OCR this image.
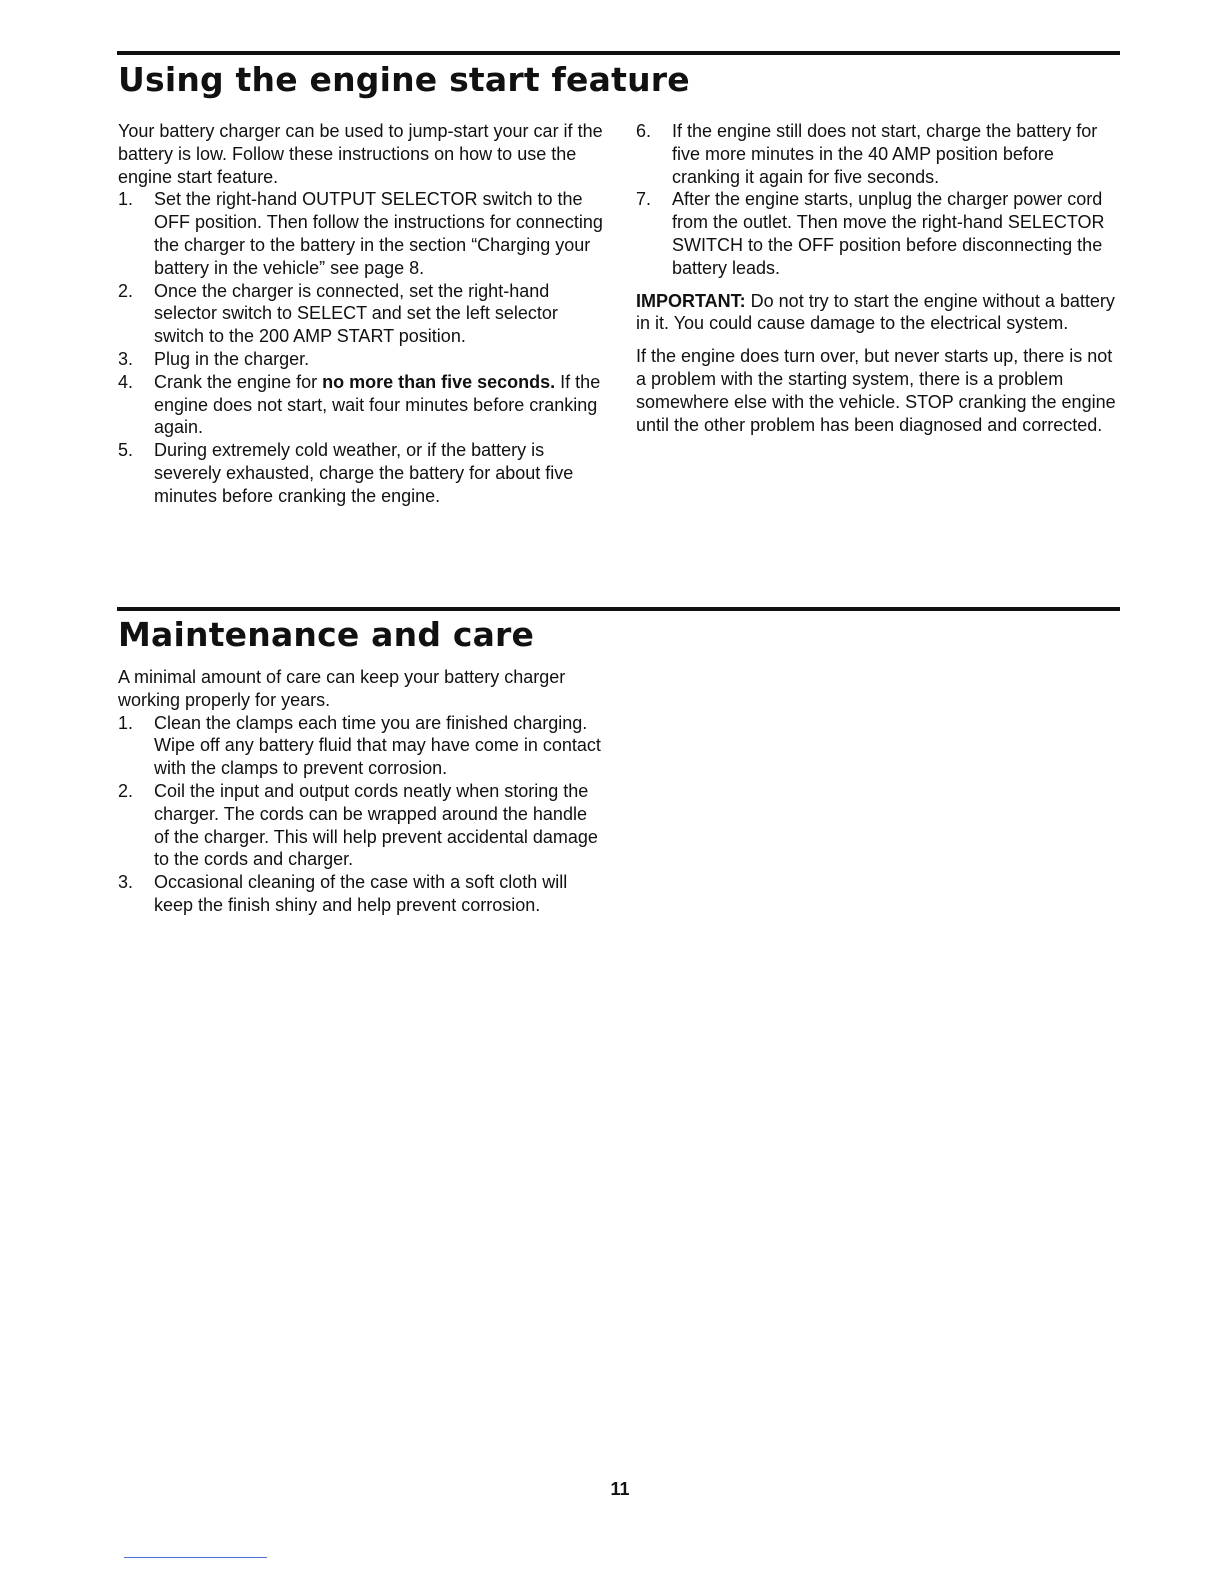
Using the engine start feature

Your battery charger can be used to jump-start your car if the battery is low. Follow these instructions on how to use the engine start feature.

1.	Set the right-hand OUTPUT SELECTOR switch to the OFF position. Then follow the instructions for connecting the charger to the battery in the section “Charging your battery in the vehicle” see page 8.
2.	Once the charger is connected, set the right-hand selector switch to SELECT and set the left selector switch to the 200 AMP START position.
3.	Plug in the charger.
4.	Crank the engine for no more than five seconds. If the engine does not start, wait four minutes before cranking again.
5.	During extremely cold weather, or if the battery is severely exhausted, charge the battery for about five minutes before cranking the engine.
6.	If the engine still does not start, charge the battery for five more minutes in the 40 AMP position before cranking it again for five seconds.
7.	After the engine starts, unplug the charger power cord from the outlet. Then move the right-hand SELECTOR SWITCH to the OFF position before disconnecting the battery leads.

IMPORTANT: Do not try to start the engine without a battery in it. You could cause damage to the electrical system.

If the engine does turn over, but never starts up, there is not a problem with the starting system, there is a problem somewhere else with the vehicle. STOP cranking the engine until the other problem has been diagnosed and corrected.

Maintenance and care

A minimal amount of care can keep your battery charger working properly for years.

1.	Clean the clamps each time you are finished charging. Wipe off any battery fluid that may have come in contact with the clamps to prevent corrosion.
2.	Coil the input and output cords neatly when storing the charger. The cords can be wrapped around the handle of the charger. This will help prevent accidental damage to the cords and charger.
3.	Occasional cleaning of the case with a soft cloth will keep the finish shiny and help prevent corrosion.
11
